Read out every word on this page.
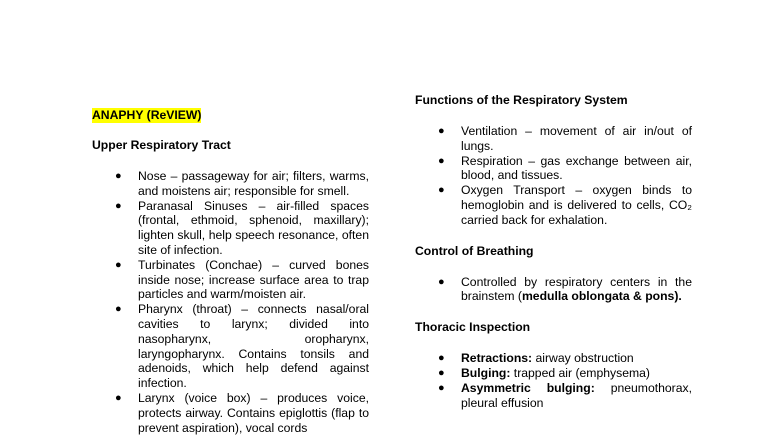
ANAPHY (ReVIEW)
Upper Respiratory Tract
● Nose – passageway for air; filters, warms, and moistens air; responsible for smell.
● Paranasal Sinuses – air-filled spaces (frontal, ethmoid, sphenoid, maxillary); lighten skull, help speech resonance, often site of infection.
● Turbinates (Conchae) – curved bones inside nose; increase surface area to trap particles and warm/moisten air.
● Pharynx (throat) – connects nasal/oral cavities to larynx; divided into nasopharynx, oropharynx, laryngopharynx. Contains tonsils and adenoids, which help defend against infection.
● Larynx (voice box) – produces voice, protects airway. Contains epiglottis (flap to prevent aspiration), vocal cords
Functions of the Respiratory System
● Ventilation – movement of air in/out of lungs.
● Respiration – gas exchange between air, blood, and tissues.
● Oxygen Transport – oxygen binds to hemoglobin and is delivered to cells, CO₂ carried back for exhalation.
Control of Breathing
● Controlled by respiratory centers in the brainstem (medulla oblongata & pons).
Thoracic Inspection
● Retractions: airway obstruction
● Bulging: trapped air (emphysema)
● Asymmetric bulging: pneumothorax, pleural effusion
